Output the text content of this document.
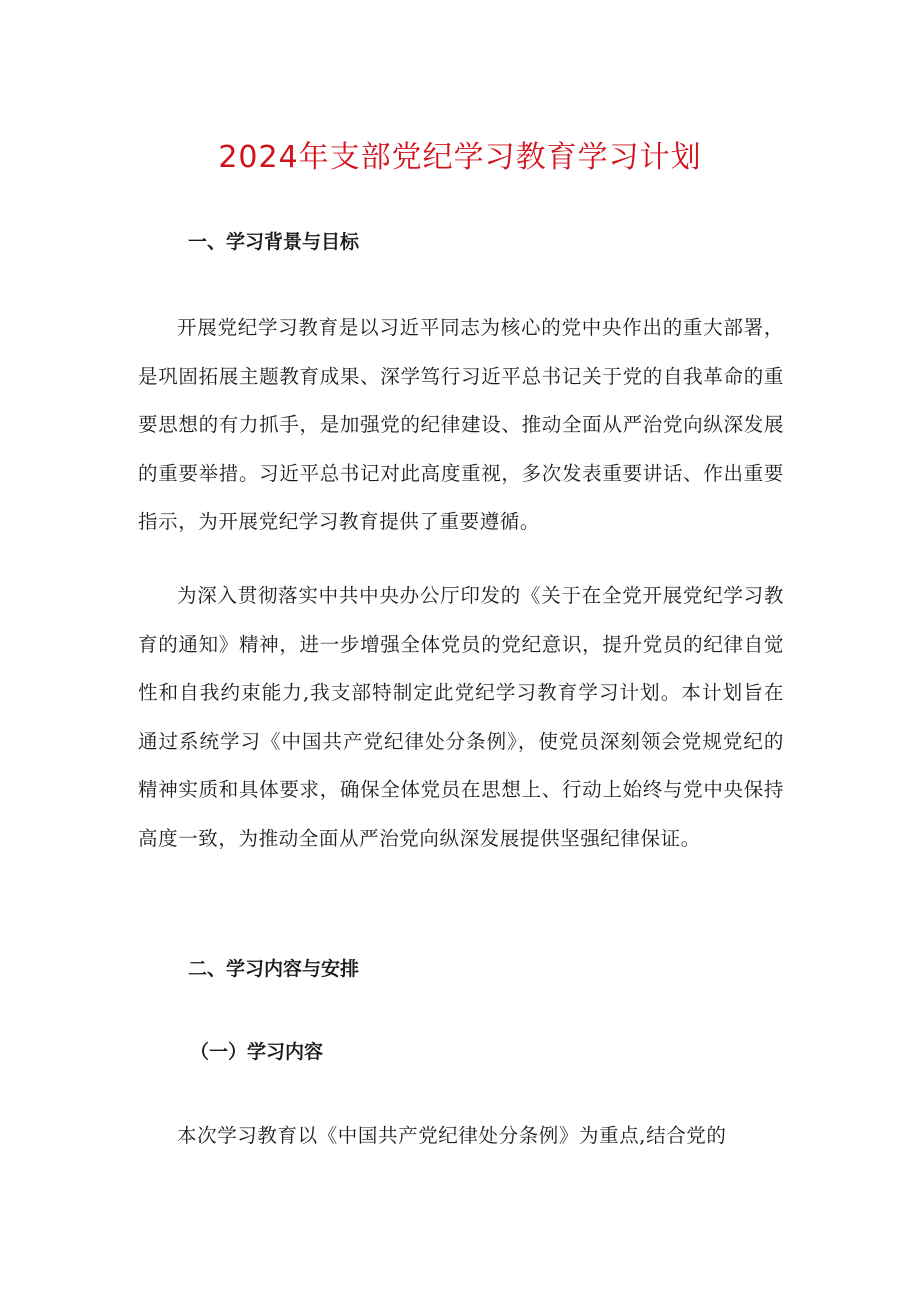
2024年支部党纪学习教育学习计划
一、学习背景与目标

开展党纪学习教育是以习近平同志为核心的党中央作出的重大部署，是巩固拓展主题教育成果、深学笃行习近平总书记关于党的自我革命的重要思想的有力抓手，是加强党的纪律建设、推动全面从严治党向纵深发展的重要举措。习近平总书记对此高度重视，多次发表重要讲话、作出重要指示，为开展党纪学习教育提供了重要遵循。

为深入贯彻落实中共中央办公厅印发的《关于在全党开展党纪学习教育的通知》精神，进一步增强全体党员的党纪意识，提升党员的纪律自觉性和自我约束能力,我支部特制定此党纪学习教育学习计划。本计划旨在通过系统学习《中国共产党纪律处分条例》，使党员深刻领会党规党纪的精神实质和具体要求，确保全体党员在思想上、行动上始终与党中央保持高度一致，为推动全面从严治党向纵深发展提供坚强纪律保证。

二、学习内容与安排
（一）学习内容

本次学习教育以《中国共产党纪律处分条例》为重点,结合党的
